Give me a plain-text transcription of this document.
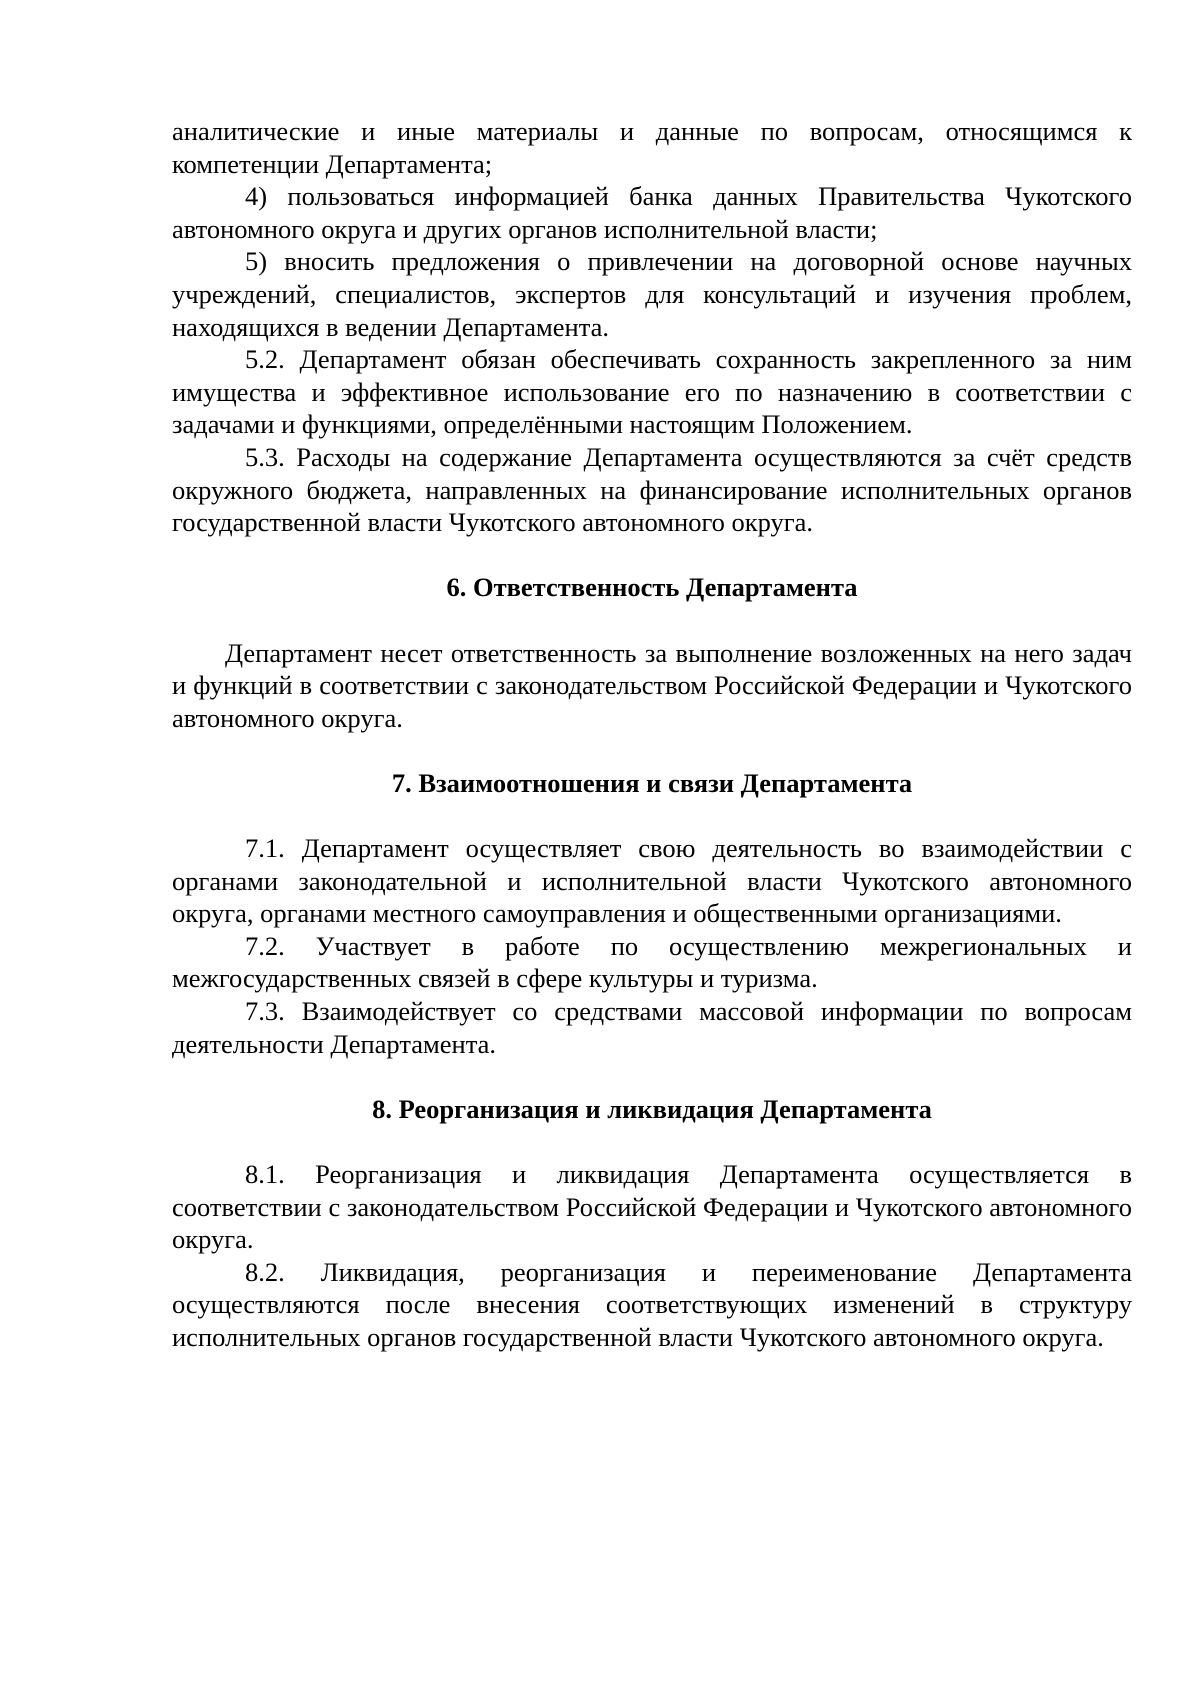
аналитические и иные материалы и данные по вопросам, относящимся к компетенции Департамента;

4) пользоваться информацией банка данных Правительства Чукотского автономного округа и других органов исполнительной власти;

5) вносить предложения о привлечении на договорной основе научных учреждений, специалистов, экспертов для консультаций и изучения проблем, находящихся в ведении Департамента.

5.2. Департамент обязан обеспечивать сохранность закрепленного за ним имущества и эффективное использование его по назначению в соответствии с задачами и функциями, определёнными настоящим Положением.

5.3. Расходы на содержание Департамента осуществляются за счёт средств окружного бюджета, направленных на финансирование исполнительных органов государственной власти Чукотского автономного округа.

6. Ответственность Департамента

Департамент несет ответственность за выполнение возложенных на него задач и функций в соответствии с законодательством Российской Федерации и Чукотского автономного округа.

7. Взаимоотношения и связи Департамента

7.1. Департамент осуществляет свою деятельность во взаимодействии с органами законодательной и исполнительной власти Чукотского автономного округа, органами местного самоуправления и общественными организациями.

7.2. Участвует в работе по осуществлению межрегиональных и межгосударственных связей в сфере культуры и туризма.

7.3. Взаимодействует со средствами массовой информации по вопросам деятельности Департамента.

8. Реорганизация и ликвидация Департамента

8.1. Реорганизация и ликвидация Департамента осуществляется в соответствии с законодательством Российской Федерации и Чукотского автономного округа.

8.2. Ликвидация, реорганизация и переименование Департамента осуществляются после внесения соответствующих изменений в структуру исполнительных органов государственной власти Чукотского автономного округа.
